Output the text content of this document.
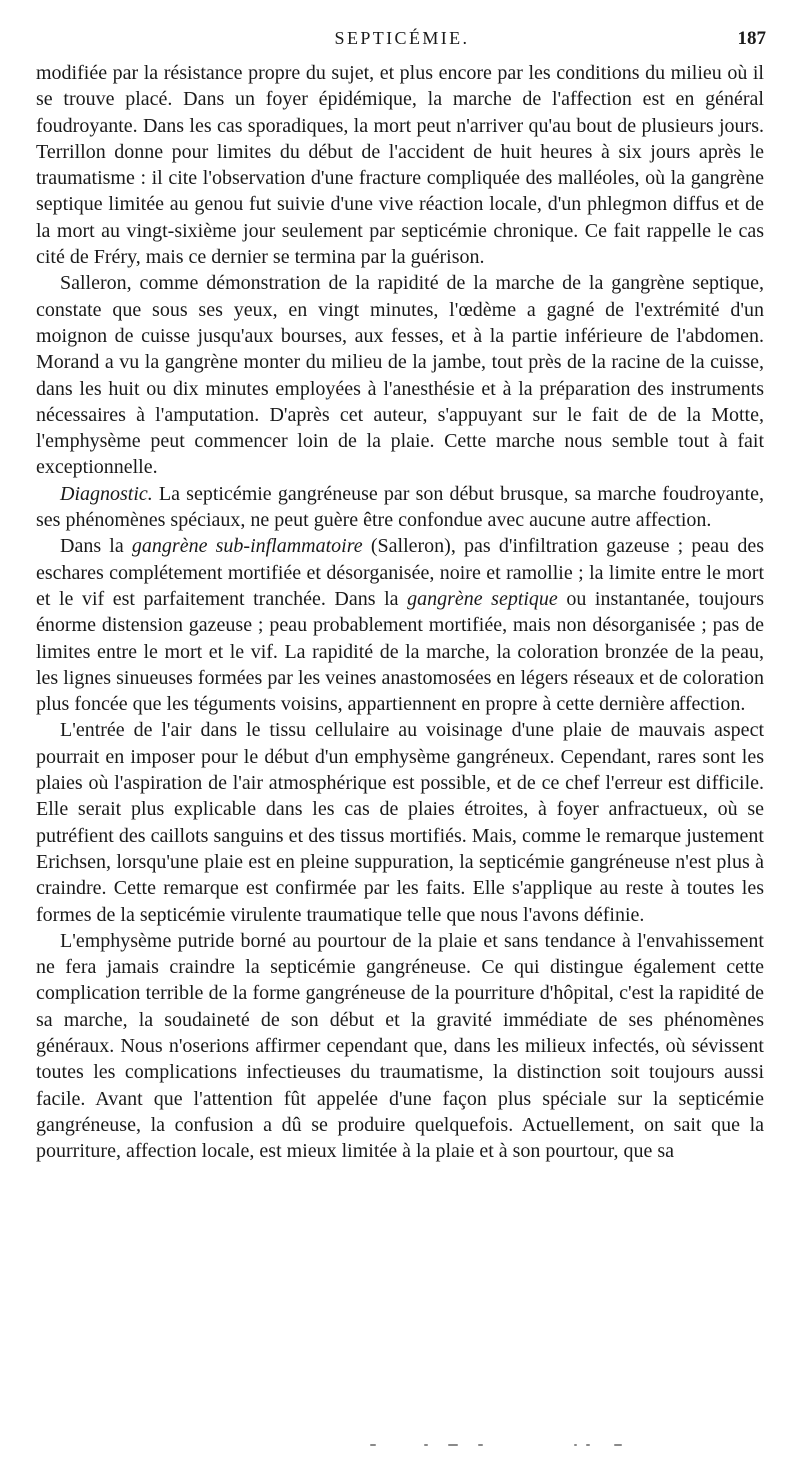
SEPTICÉMIE.	187

modifiée par la résistance propre du sujet, et plus encore par les conditions du milieu où il se trouve placé. Dans un foyer épidémique, la marche de l'affection est en général foudroyante. Dans les cas sporadiques, la mort peut n'arriver qu'au bout de plusieurs jours. Terrillon donne pour limites du début de l'accident de huit heures à six jours après le traumatisme : il cite l'observation d'une fracture compliquée des malléoles, où la gangrène septique limitée au genou fut suivie d'une vive réaction locale, d'un phlegmon diffus et de la mort au vingt-sixième jour seulement par septicémie chronique. Ce fait rappelle le cas cité de Fréry, mais ce dernier se termina par la guérison.

Salleron, comme démonstration de la rapidité de la marche de la gangrène septique, constate que sous ses yeux, en vingt minutes, l'œdème a gagné de l'extrémité d'un moignon de cuisse jusqu'aux bourses, aux fesses, et à la partie inférieure de l'abdomen. Morand a vu la gangrène monter du milieu de la jambe, tout près de la racine de la cuisse, dans les huit ou dix minutes employées à l'anesthésie et à la préparation des instruments nécessaires à l'amputation. D'après cet auteur, s'appuyant sur le fait de de la Motte, l'emphysème peut commencer loin de la plaie. Cette marche nous semble tout à fait exceptionnelle.

Diagnostic. La septicémie gangréneuse par son début brusque, sa marche foudroyante, ses phénomènes spéciaux, ne peut guère être confondue avec aucune autre affection.

Dans la gangrène sub-inflammatoire (Salleron), pas d'infiltration gazeuse ; peau des eschares complétement mortifiée et désorganisée, noire et ramollie ; la limite entre le mort et le vif est parfaitement tranchée. Dans la gangrène septique ou instantanée, toujours énorme distension gazeuse ; peau probablement mortifiée, mais non désorganisée ; pas de limites entre le mort et le vif. La rapidité de la marche, la coloration bronzée de la peau, les lignes sinueuses formées par les veines anastomosées en légers réseaux et de coloration plus foncée que les téguments voisins, appartiennent en propre à cette dernière affection.

L'entrée de l'air dans le tissu cellulaire au voisinage d'une plaie de mauvais aspect pourrait en imposer pour le début d'un emphysème gangréneux. Cependant, rares sont les plaies où l'aspiration de l'air atmosphérique est possible, et de ce chef l'erreur est difficile. Elle serait plus explicable dans les cas de plaies étroites, à foyer anfractueux, où se putréfient des caillots sanguins et des tissus mortifiés. Mais, comme le remarque justement Erichsen, lorsqu'une plaie est en pleine suppuration, la septicémie gangréneuse n'est plus à craindre. Cette remarque est confirmée par les faits. Elle s'applique au reste à toutes les formes de la septicémie virulente traumatique telle que nous l'avons définie.

L'emphysème putride borné au pourtour de la plaie et sans tendance à l'envahissement ne fera jamais craindre la septicémie gangréneuse. Ce qui distingue également cette complication terrible de la forme gangréneuse de la pourriture d'hôpital, c'est la rapidité de sa marche, la soudaineté de son début et la gravité immédiate de ses phénomènes généraux. Nous n'oserions affirmer cependant que, dans les milieux infectés, où sévissent toutes les complications infectieuses du traumatisme, la distinction soit toujours aussi facile. Avant que l'attention fût appelée d'une façon plus spéciale sur la septicémie gangréneuse, la confusion a dû se produire quelquefois. Actuellement, on sait que la pourriture, affection locale, est mieux limitée à la plaie et à son pourtour, que sa
